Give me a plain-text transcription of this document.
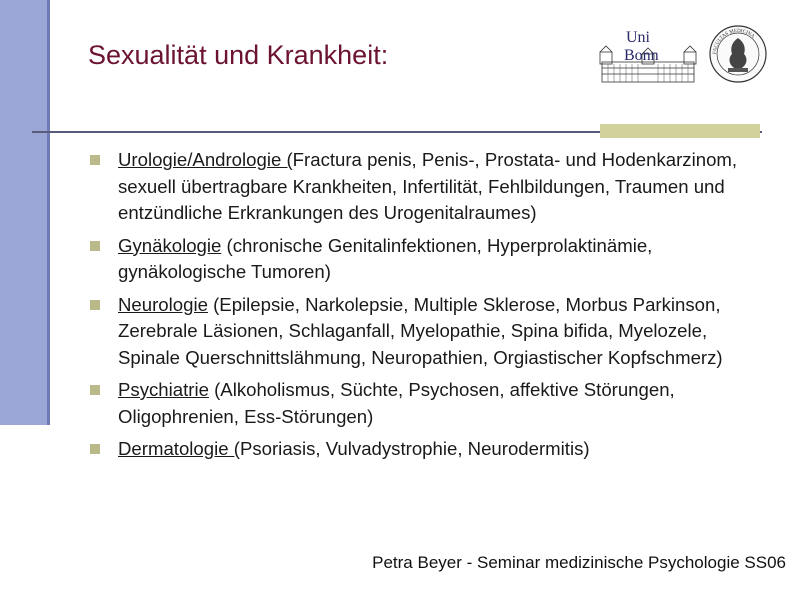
Sexualität und Krankheit:
Uni
Bonn	FACULTAS MEDICINA
Urologie/Andrologie (Fractura penis, Penis-, Prostata- und Hodenkarzinom, sexuell übertragbare Krankheiten, Infertilität, Fehlbildungen, Traumen und entzündliche Erkrankungen des Urogenitalraumes)
Gynäkologie (chronische Genitalinfektionen, Hyperprolaktinämie, gynäkologische Tumoren)
Neurologie (Epilepsie, Narkolepsie, Multiple Sklerose, Morbus Parkinson, Zerebrale Läsionen, Schlaganfall, Myelopathie, Spina bifida, Myelozele, Spinale Querschnittslähmung, Neuropathien, Orgiastischer Kopfschmerz)
Psychiatrie (Alkoholismus, Süchte, Psychosen, affektive Störungen, Oligophrenien, Ess-Störungen)
Dermatologie (Psoriasis, Vulvadystrophie, Neurodermitis)
Petra Beyer - Seminar medizinische Psychologie SS06
